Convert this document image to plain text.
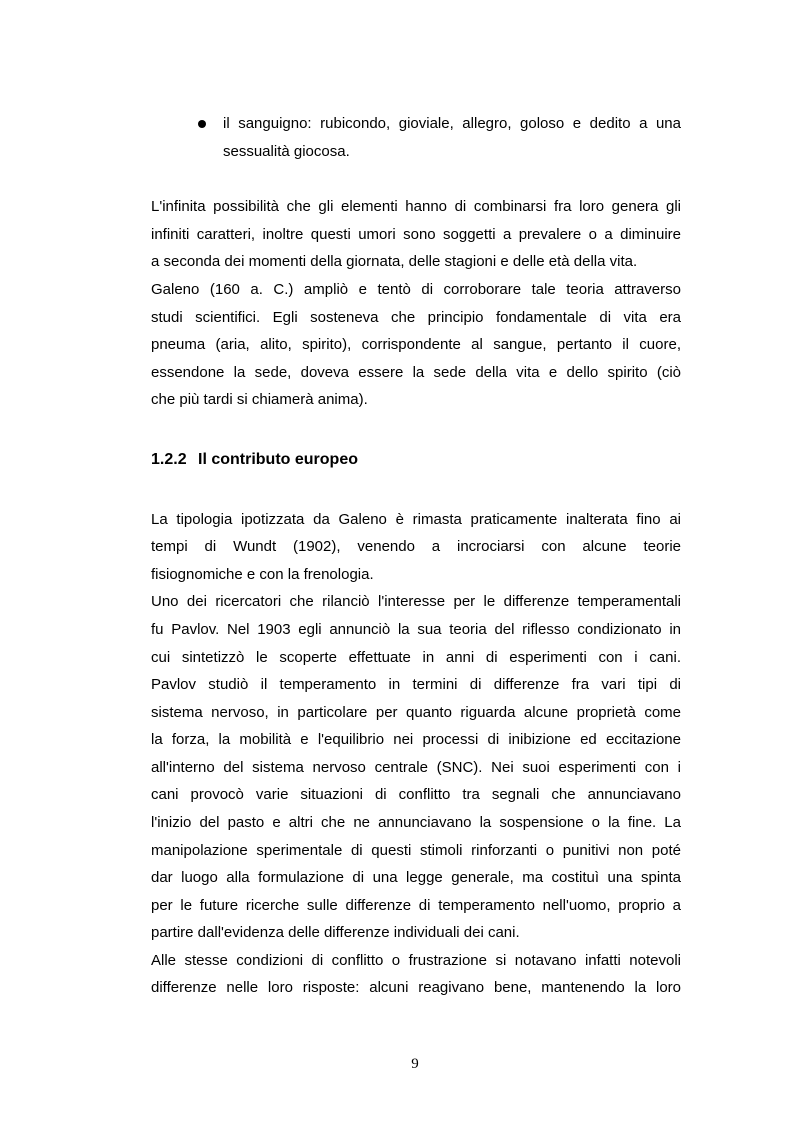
il sanguigno: rubicondo, gioviale, allegro, goloso e dedito a una
sessualità giocosa.
L'infinita possibilità che gli elementi hanno di combinarsi fra loro genera gli
infiniti caratteri, inoltre questi umori sono soggetti a prevalere o a diminuire
a seconda dei momenti della giornata, delle stagioni e delle età della vita.
Galeno (160 a. C.) ampliò e tentò di corroborare tale teoria attraverso
studi scientifici. Egli sosteneva che principio fondamentale di vita era
pneuma (aria, alito, spirito), corrispondente al sangue, pertanto il cuore,
essendone la sede, doveva essere la sede della vita e dello spirito (ciò
che più tardi si chiamerà anima).
1.2.2 Il contributo europeo
La tipologia ipotizzata da Galeno è rimasta praticamente inalterata fino ai
tempi di Wundt (1902), venendo a incrociarsi con alcune teorie
fisiognomiche e con la frenologia.
Uno dei ricercatori che rilanciò l'interesse per le differenze temperamentali
fu Pavlov. Nel 1903 egli annunciò la sua teoria del riflesso condizionato in
cui sintetizzò le scoperte effettuate in anni di esperimenti con i cani.
Pavlov studiò il temperamento in termini di differenze fra vari tipi di
sistema nervoso, in particolare per quanto riguarda alcune proprietà come
la forza, la mobilità e l'equilibrio nei processi di inibizione ed eccitazione
all'interno del sistema nervoso centrale (SNC). Nei suoi esperimenti con i
cani provocò varie situazioni di conflitto tra segnali che annunciavano
l'inizio del pasto e altri che ne annunciavano la sospensione o la fine. La
manipolazione sperimentale di questi stimoli rinforzanti o punitivi non poté
dar luogo alla formulazione di una legge generale, ma costituì una spinta
per le future ricerche sulle differenze di temperamento nell'uomo, proprio a
partire dall'evidenza delle differenze individuali dei cani.
Alle stesse condizioni di conflitto o frustrazione si notavano infatti notevoli
differenze nelle loro risposte: alcuni reagivano bene, mantenendo la loro
9
